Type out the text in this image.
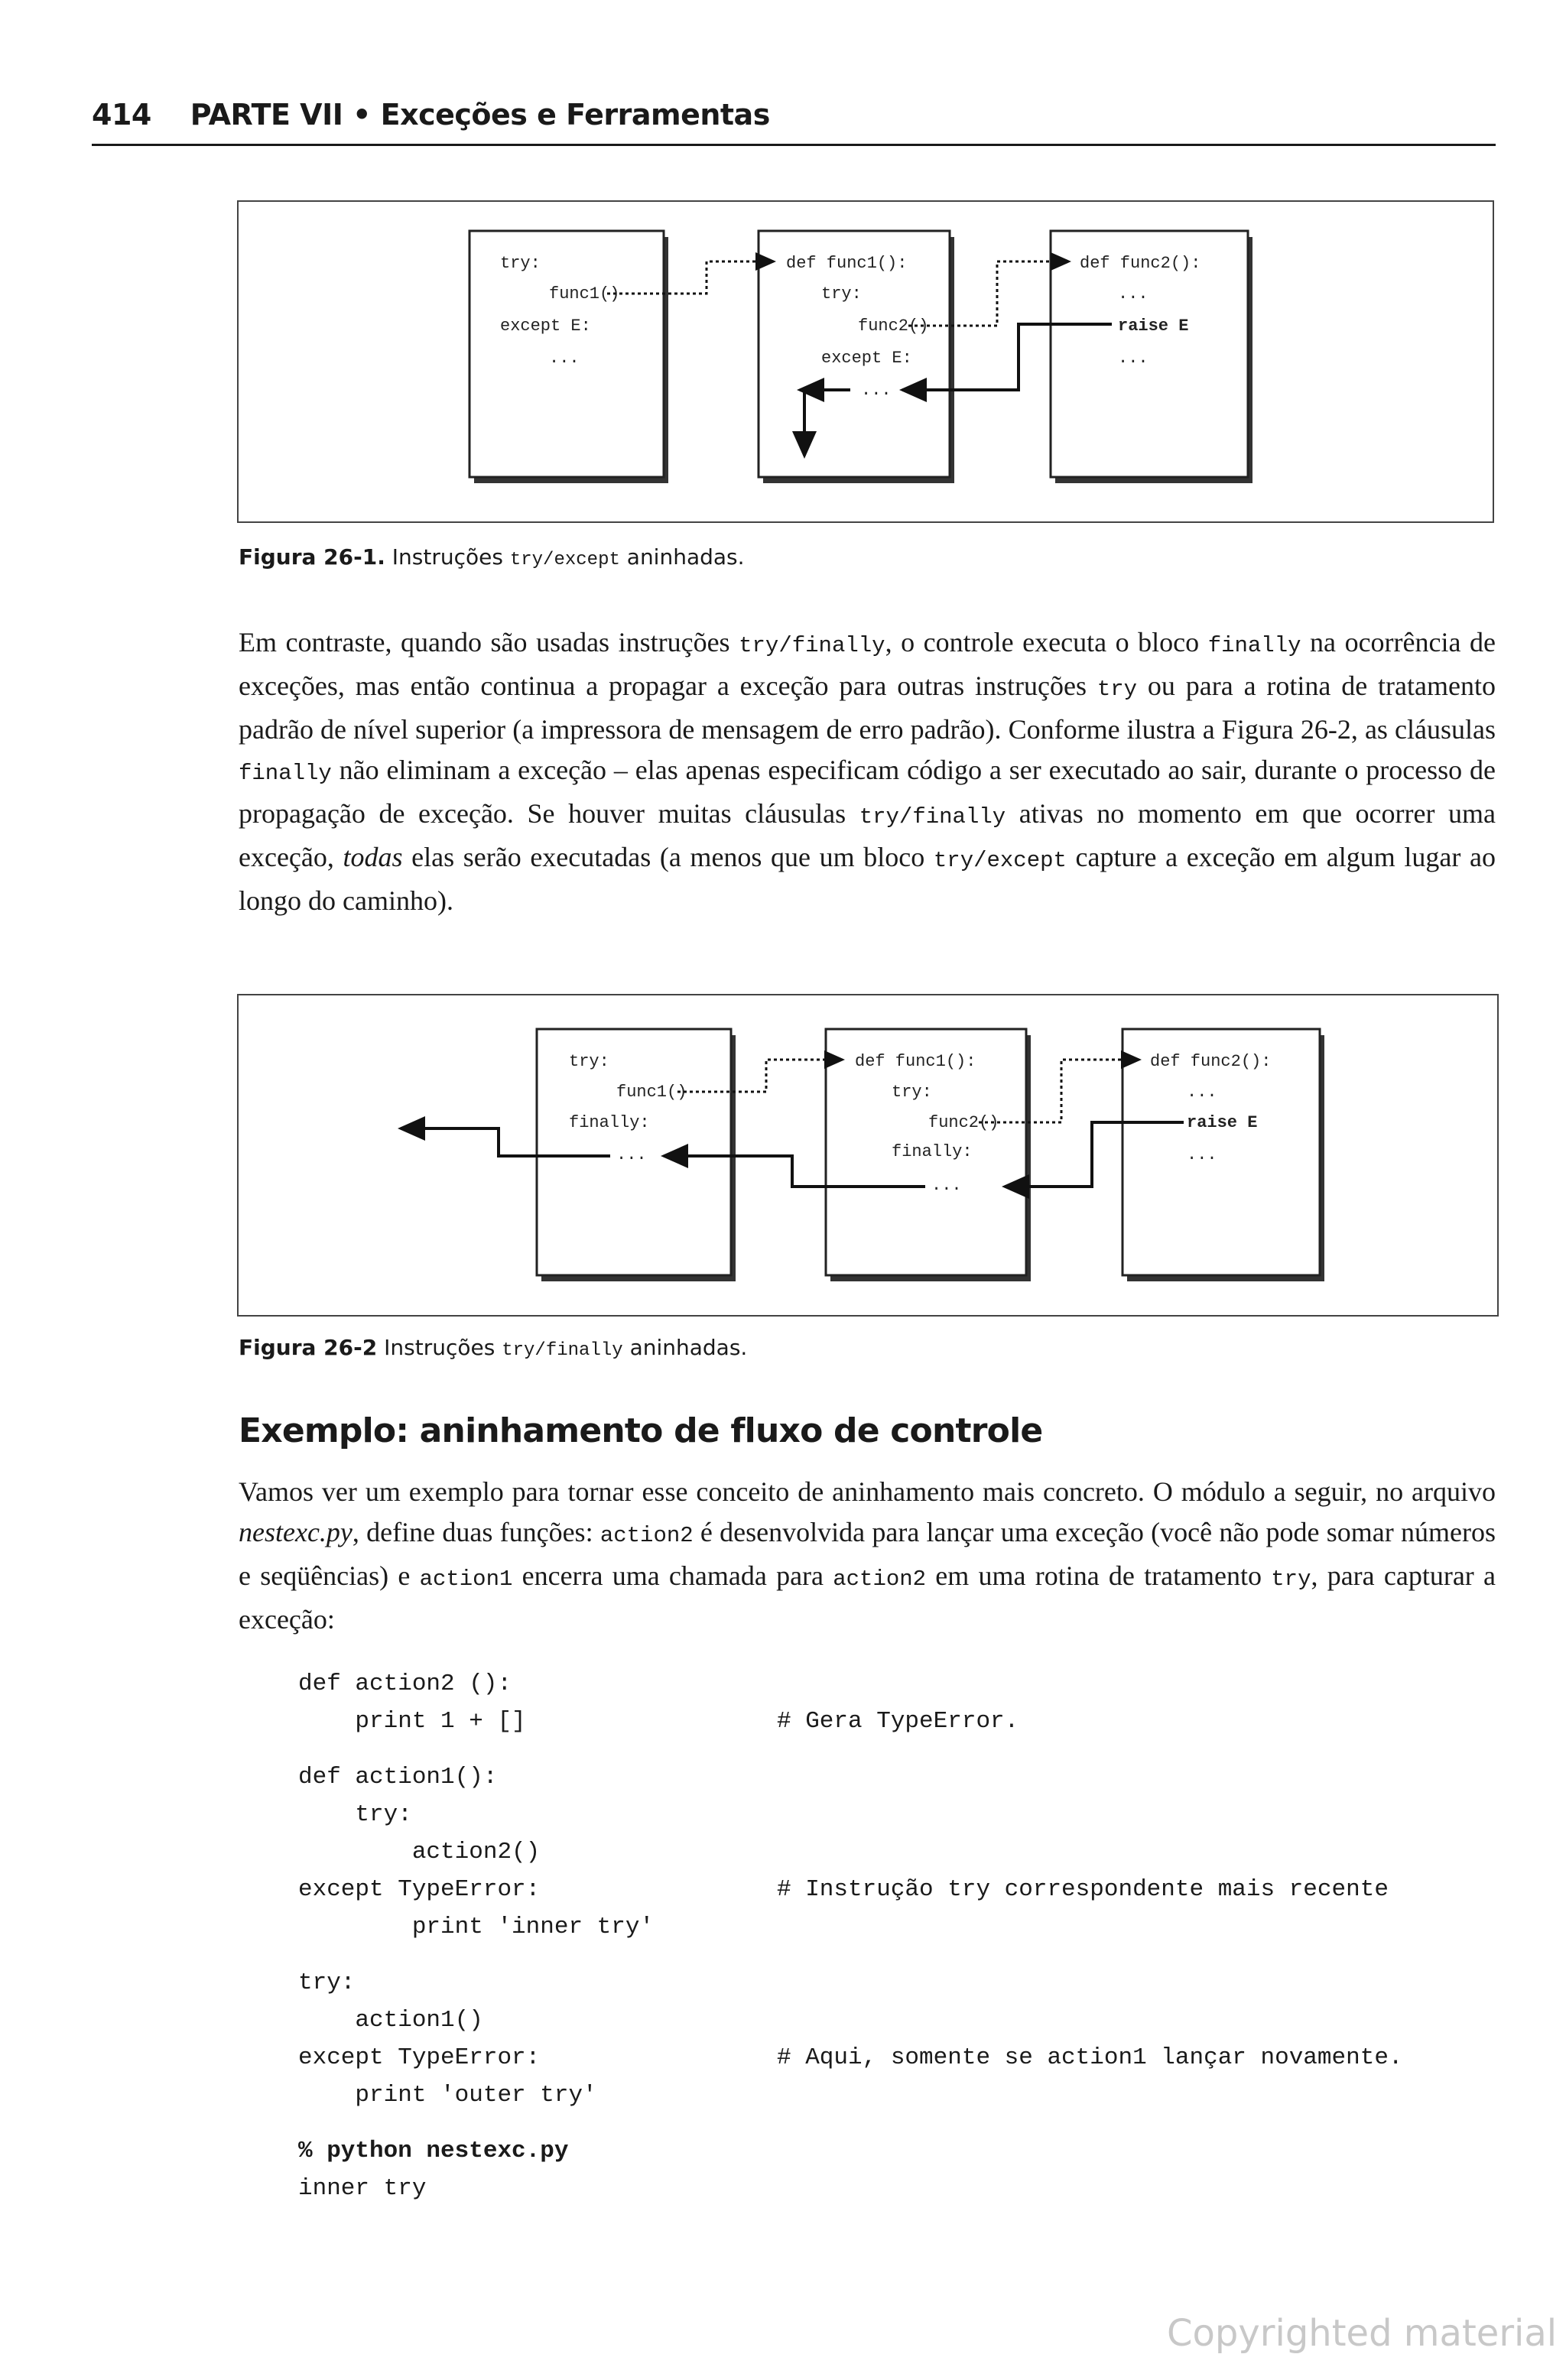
414 PARTE VII • Exceções e Ferramentas
try:
func1()
except E:
...
def func1():
try:
func2()
except E:
...
def func2():
...
raise E
...
Figura 26-1. Instruções try/except aninhadas.
Em contraste, quando são usadas instruções try/finally, o controle executa o bloco finally na ocorrência de exceções, mas então continua a propagar a exceção para outras instruções try ou para a rotina de tratamento padrão de nível superior (a impressora de mensagem de erro padrão). Conforme ilustra a Figura 26-2, as cláusulas finally não eliminam a exceção – elas apenas especificam código a ser executado ao sair, durante o processo de propagação de exceção. Se houver muitas cláusulas try/finally ativas no momento em que ocorrer uma exceção, todas elas serão executadas (a menos que um bloco try/except capture a exceção em algum lugar ao longo do caminho).
try:
func1()
finally:
...
def func1():
try:
func2()
finally:
...
def func2():
...
raise E
...
Figura 26-2 Instruções try/finally aninhadas.
Exemplo: aninhamento de fluxo de controle
Vamos ver um exemplo para tornar esse conceito de aninhamento mais concreto. O módulo a seguir, no arquivo nestexc.py, define duas funções: action2 é desenvolvida para lançar uma exceção (você não pode somar números e seqüências) e action1 encerra uma chamada para action2 em uma rotina de tratamento try, para capturar a exceção:
def action2 ():
print 1 + []	# Gera TypeError.
def action1():
try:
action2()
except TypeError:	# Instrução try correspondente mais recente
print 'inner try'
try:
action1()
except TypeError:	# Aqui, somente se action1 lançar novamente.
print 'outer try'
% python nestexc.py
inner try
Copyrighted material
